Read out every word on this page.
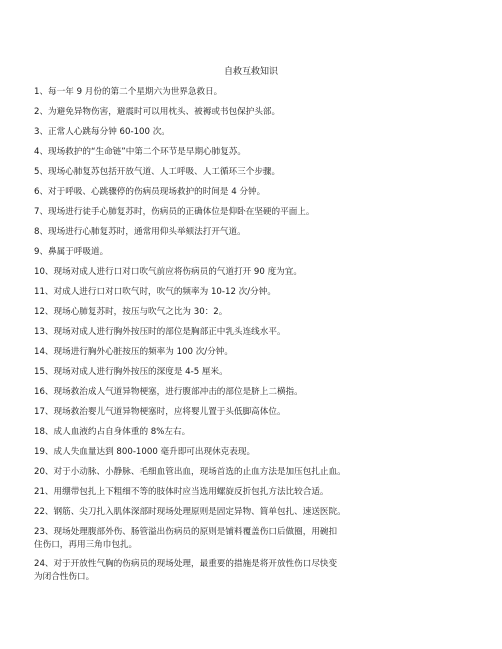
自救互救知识
1、每一年 9 月份的第二个星期六为世界急救日。
2、为避免异物伤害，避震时可以用枕头、被褥或书包保护头部。
3、正常人心跳每分钟 60-100 次。
4、现场救护的“生命链”中第二个环节是早期心肺复苏。
5、现场心肺复苏包括开放气道、人工呼吸、人工循环三个步骤。
6、对于呼吸、心跳骤停的伤病员现场救护的时间是 4 分钟。
7、现场进行徒手心肺复苏时，伤病员的正确体位是仰卧在坚硬的平面上。
8、现场进行心肺复苏时，通常用仰头举颏法打开气道。
9、鼻属于呼吸道。
10、现场对成人进行口对口吹气前应将伤病员的气道打开 90 度为宜。
11、对成人进行口对口吹气时，吹气的频率为 10-12 次/分钟。
12、现场心肺复苏时，按压与吹气之比为 30：2。
13、现场对成人进行胸外按压时的部位是胸部正中乳头连线水平。
14、现场进行胸外心脏按压的频率为 100 次/分钟。
15、现场对成人进行胸外按压的深度是 4-5 厘米。
16、现场救治成人气道异物梗塞，进行腹部冲击的部位是脐上二横指。
17、现场救治婴儿气道异物梗塞时，应将婴儿置于头低脚高体位。
18、成人血液约占自身体重的 8%左右。
19、成人失血量达到 800-1000 毫升即可出现休克表现。
20、对于小动脉、小静脉、毛细血管出血，现场首选的止血方法是加压包扎止血。
21、用绷带包扎上下粗细不等的肢体时应当选用螺旋反折包扎方法比较合适。
22、钢筋、尖刀扎入肌体深部时现场处理原则是固定异物、简单包扎、速送医院。
23、现场处理腹部外伤、肠管溢出伤病员的原则是铺料覆盖伤口后做圈，用碗扣
住伤口，再用三角巾包扎。
24、对于开放性气胸的伤病员的现场处理，最重要的措施是将开放性伤口尽快变
为闭合性伤口。
